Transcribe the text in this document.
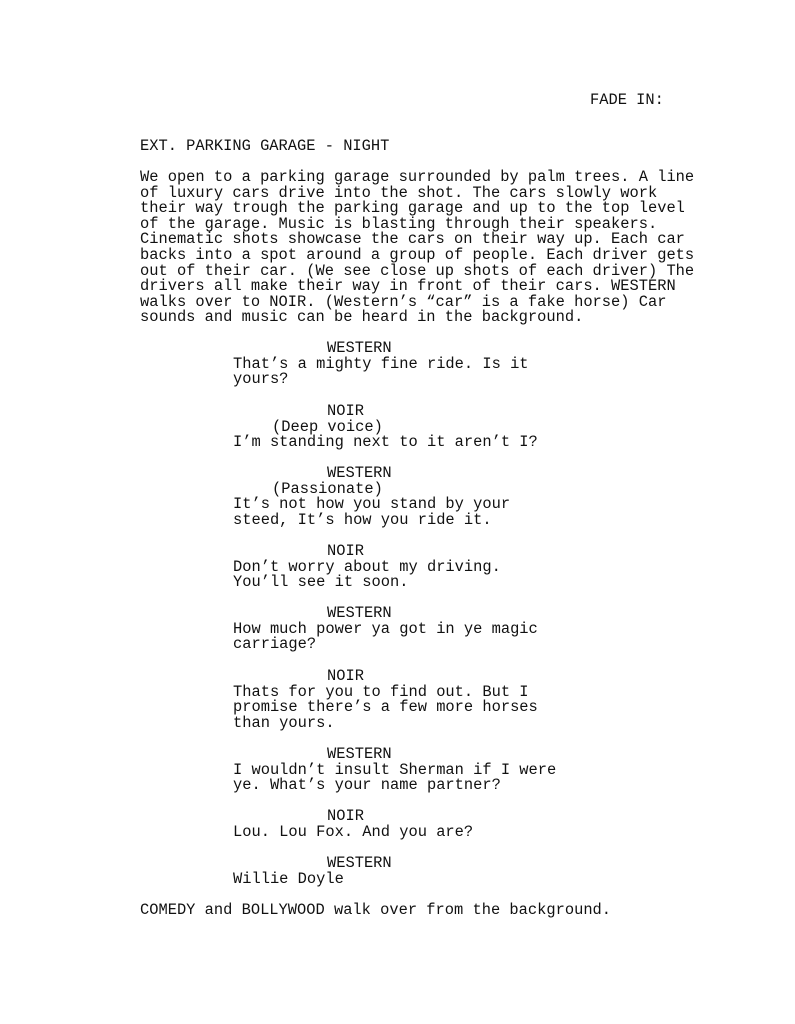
FADE IN:
EXT. PARKING GARAGE - NIGHT
We open to a parking garage surrounded by palm trees. A line
of luxury cars drive into the shot. The cars slowly work
their way trough the parking garage and up to the top level
of the garage. Music is blasting through their speakers.
Cinematic shots showcase the cars on their way up. Each car
backs into a spot around a group of people. Each driver gets
out of their car. (We see close up shots of each driver) The
drivers all make their way in front of their cars. WESTERN
walks over to NOIR. (Western’s “car” is a fake horse) Car
sounds and music can be heard in the background.
WESTERN
That’s a mighty fine ride. Is it
yours?
NOIR
(Deep voice)
I’m standing next to it aren’t I?
WESTERN
(Passionate)
It’s not how you stand by your
steed, It’s how you ride it.
NOIR
Don’t worry about my driving.
You’ll see it soon.
WESTERN
How much power ya got in ye magic
carriage?
NOIR
Thats for you to find out. But I
promise there’s a few more horses
than yours.
WESTERN
I wouldn’t insult Sherman if I were
ye. What’s your name partner?
NOIR
Lou. Lou Fox. And you are?
WESTERN
Willie Doyle
COMEDY and BOLLYWOOD walk over from the background.
